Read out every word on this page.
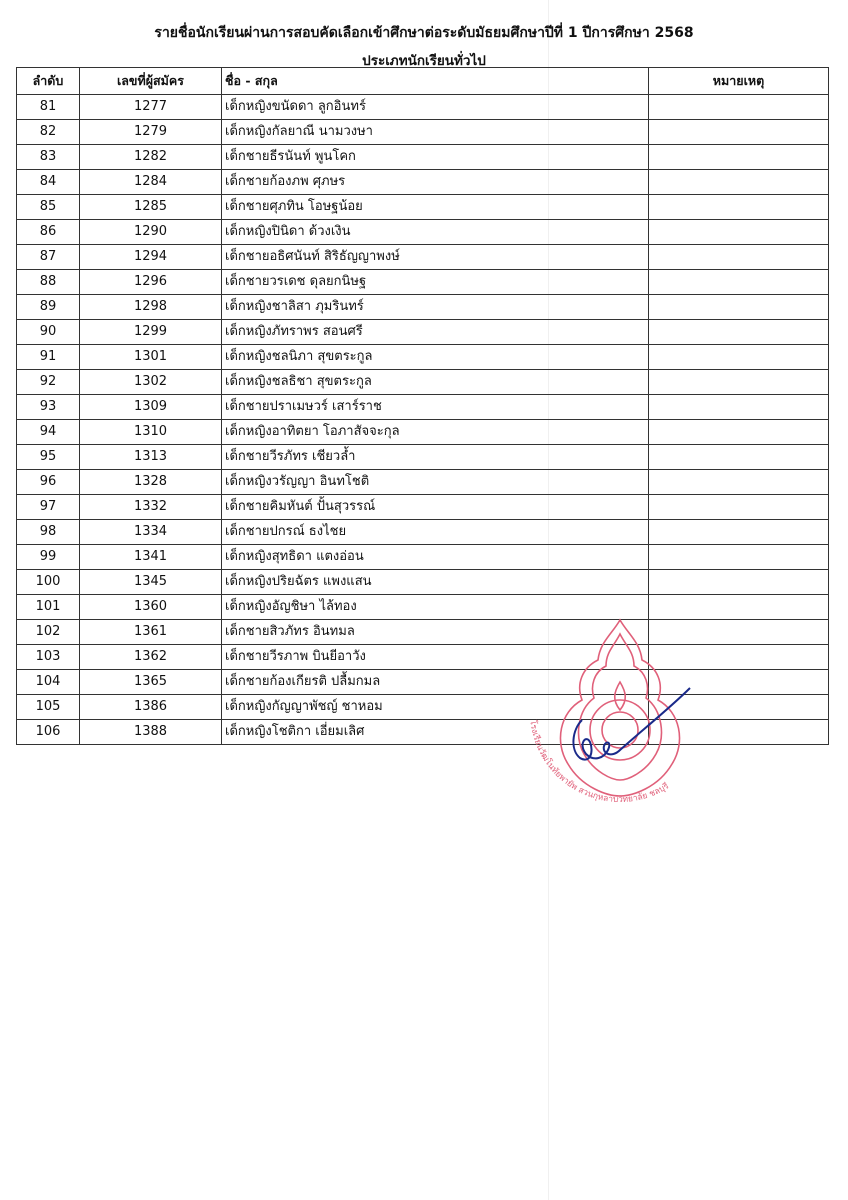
รายชื่อนักเรียนผ่านการสอบคัดเลือกเข้าศึกษาต่อระดับมัธยมศึกษาปีที่ 1 ปีการศึกษา 2568
ประเภทนักเรียนทั่วไป
ลำดับ	เลขที่ผู้สมัคร	ชื่อ - สกุล	หมายเหตุ
81	1277	เด็กหญิงขนัดดา ลูกอินทร์	
82	1279	เด็กหญิงกัลยาณี นามวงษา	
83	1282	เด็กชายธีรนันท์ พูนโคก	
84	1284	เด็กชายก้องภพ ศุภษร	
85	1285	เด็กชายศุภทิน โอษฐน้อย	
86	1290	เด็กหญิงปินิดา ด้วงเงิน	
87	1294	เด็กชายอธิศนันท์ สิริธัญญาพงษ์	
88	1296	เด็กชายวรเดช ดุลยกนิษฐ	
89	1298	เด็กหญิงชาลิสา ภุมรินทร์	
90	1299	เด็กหญิงภัทราพร สอนศรี	
91	1301	เด็กหญิงชลนิภา สุขตระกูล	
92	1302	เด็กหญิงชลธิชา สุขตระกูล	
93	1309	เด็กชายปราเมษวร์ เสาร์ราช	
94	1310	เด็กหญิงอาทิตยา โอภาสัจจะกุล	
95	1313	เด็กชายวีรภัทร เชียวล้ำ	
96	1328	เด็กหญิงวรัญญา อินทโชติ	
97	1332	เด็กชายคิมหันต์ ปั้นสุวรรณ์	
98	1334	เด็กชายปกรณ์ ธงไชย	
99	1341	เด็กหญิงสุทธิดา แตงอ่อน	
100	1345	เด็กหญิงปริยฉัตร แพงแสน	
101	1360	เด็กหญิงอัญชิษา ไล้ทอง	
102	1361	เด็กชายสิวภัทร อินทมล	
103	1362	เด็กชายวีรภาพ บินยีอาวัง	
104	1365	เด็กชายก้องเกียรติ ปลื้มกมล	
105	1386	เด็กหญิงกัญญาพัชญ์ ชาหอม	
106	1388	เด็กหญิงโชติกา เอี่ยมเลิศ	
โรงเรียนวัฒโนทัยพายัพ สวนกุหลาบวิทยาลัย ชลบุรี
